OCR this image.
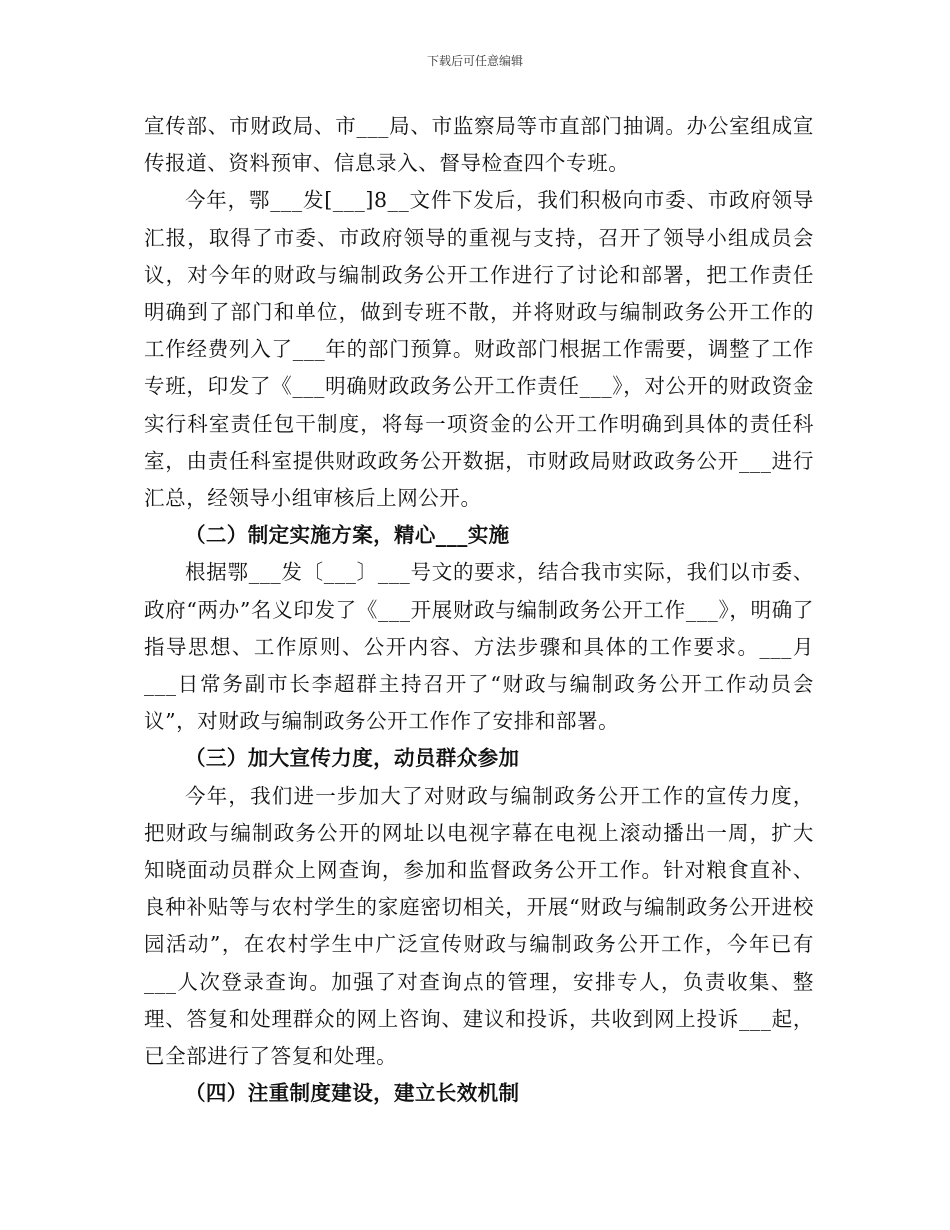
下载后可任意编辑

宣传部、市财政局、市___局、市监察局等市直部门抽调。办公室组成宣传报道、资料预审、信息录入、督导检查四个专班。

今年，鄂___发[___]8__文件下发后，我们积极向市委、市政府领导汇报，取得了市委、市政府领导的重视与支持，召开了领导小组成员会议，对今年的财政与编制政务公开工作进行了讨论和部署，把工作责任明确到了部门和单位，做到专班不散，并将财政与编制政务公开工作的工作经费列入了___年的部门预算。财政部门根据工作需要，调整了工作专班，印发了《___明确财政政务公开工作责任___》，对公开的财政资金实行科室责任包干制度，将每一项资金的公开工作明确到具体的责任科室，由责任科室提供财政政务公开数据，市财政局财政政务公开___进行汇总，经领导小组审核后上网公开。

（二）制定实施方案，精心___实施

根据鄂___发〔___〕___号文的要求，结合我市实际，我们以市委、政府“两办”名义印发了《___开展财政与编制政务公开工作___》，明确了指导思想、工作原则、公开内容、方法步骤和具体的工作要求。___月___日常务副市长李超群主持召开了“财政与编制政务公开工作动员会议”，对财政与编制政务公开工作作了安排和部署。

（三）加大宣传力度，动员群众参加

今年，我们进一步加大了对财政与编制政务公开工作的宣传力度，把财政与编制政务公开的网址以电视字幕在电视上滚动播出一周，扩大知晓面动员群众上网查询，参加和监督政务公开工作。针对粮食直补、良种补贴等与农村学生的家庭密切相关，开展“财政与编制政务公开进校园活动”，在农村学生中广泛宣传财政与编制政务公开工作，今年已有___人次登录查询。加强了对查询点的管理，安排专人，负责收集、整理、答复和处理群众的网上咨询、建议和投诉，共收到网上投诉___起，已全部进行了答复和处理。

（四）注重制度建设，建立长效机制
